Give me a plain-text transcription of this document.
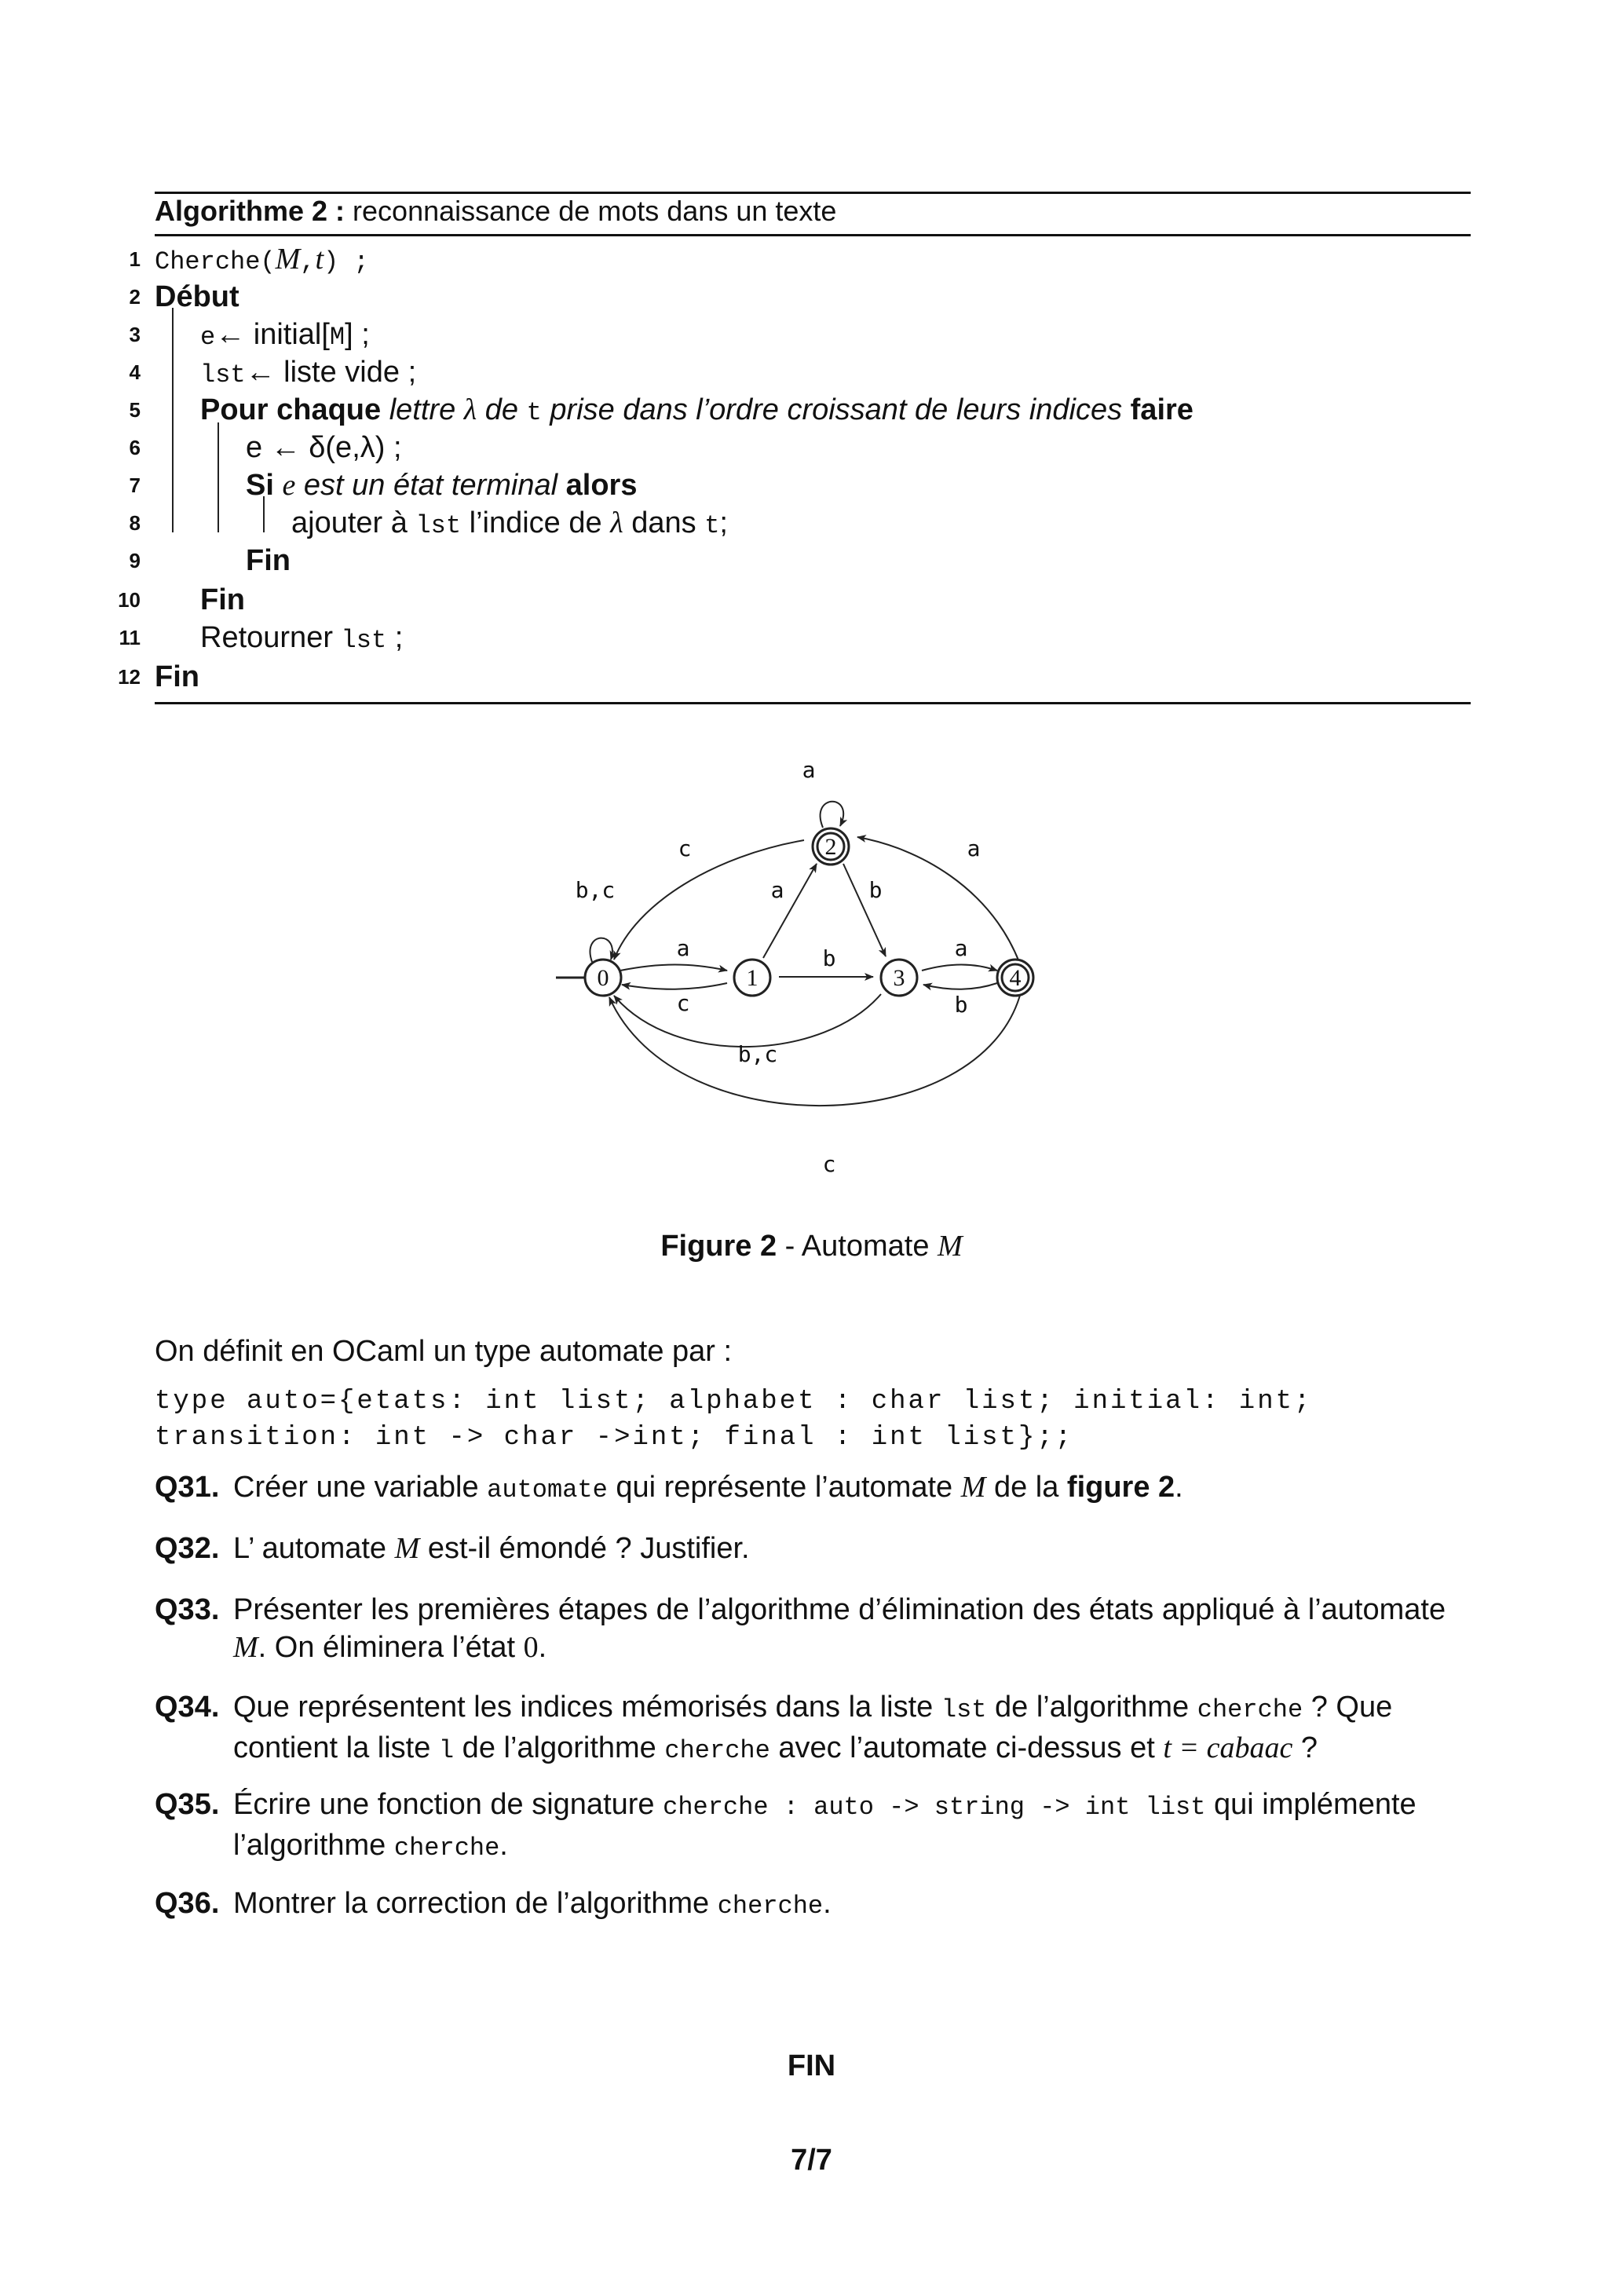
Algorithme 2 : reconnaissance de mots dans un texte
1 Cherche(M,t) ;
2 Début
3 e← initial[M] ;
4 lst← liste vide ;
5 Pour chaque lettre λ de t prise dans l’ordre croissant de leurs indices faire
6	e ← δ(e,λ) ;
7	Si e est un état terminal alors
8	ajouter à lst l’indice de λ dans t;
9	Fin
10 Fin
11 Retourner lst ;
12 Fin
0	1
2
3	4
a
b,c
c	a
a	b
a
c
b	a
b
b,c
c
Figure 2 - Automate M
On définit en OCaml un type automate par :
type auto={etats: int list; alphabet : char list; initial: int;
transition: int -> char ->int; final : int list};;
Q31. Créer une variable automate qui représente l’automate M de la figure 2.
Q32. L’ automate M est-il émondé ? Justifier.
Q33. Présenter les premières étapes de l’algorithme d’élimination des états appliqué à l’automate
M. On éliminera l’état 0.
Q34. Que représentent les indices mémorisés dans la liste lst de l’algorithme cherche ? Que
contient la liste l de l’algorithme cherche avec l’automate ci-dessus et t = cabaac ?
Q35. Écrire une fonction de signature cherche : auto -> string -> int list qui implémente
l’algorithme cherche.
Q36. Montrer la correction de l’algorithme cherche.
FIN
7/7
